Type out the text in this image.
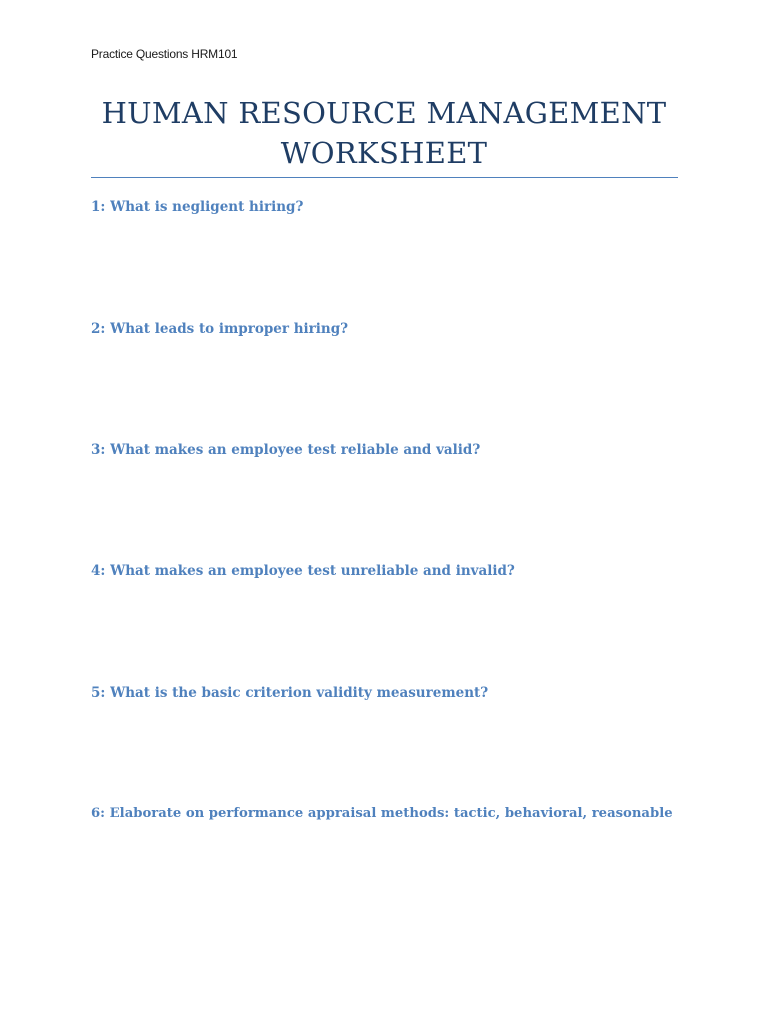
Practice Questions HRM101
HUMAN RESOURCE MANAGEMENT
WORKSHEET
1: What is negligent hiring?
2: What leads to improper hiring?
3: What makes an employee test reliable and valid?
4: What makes an employee test unreliable and invalid?
5: What is the basic criterion validity measurement?
6: Elaborate on performance appraisal methods: tactic, behavioral, reasonable
